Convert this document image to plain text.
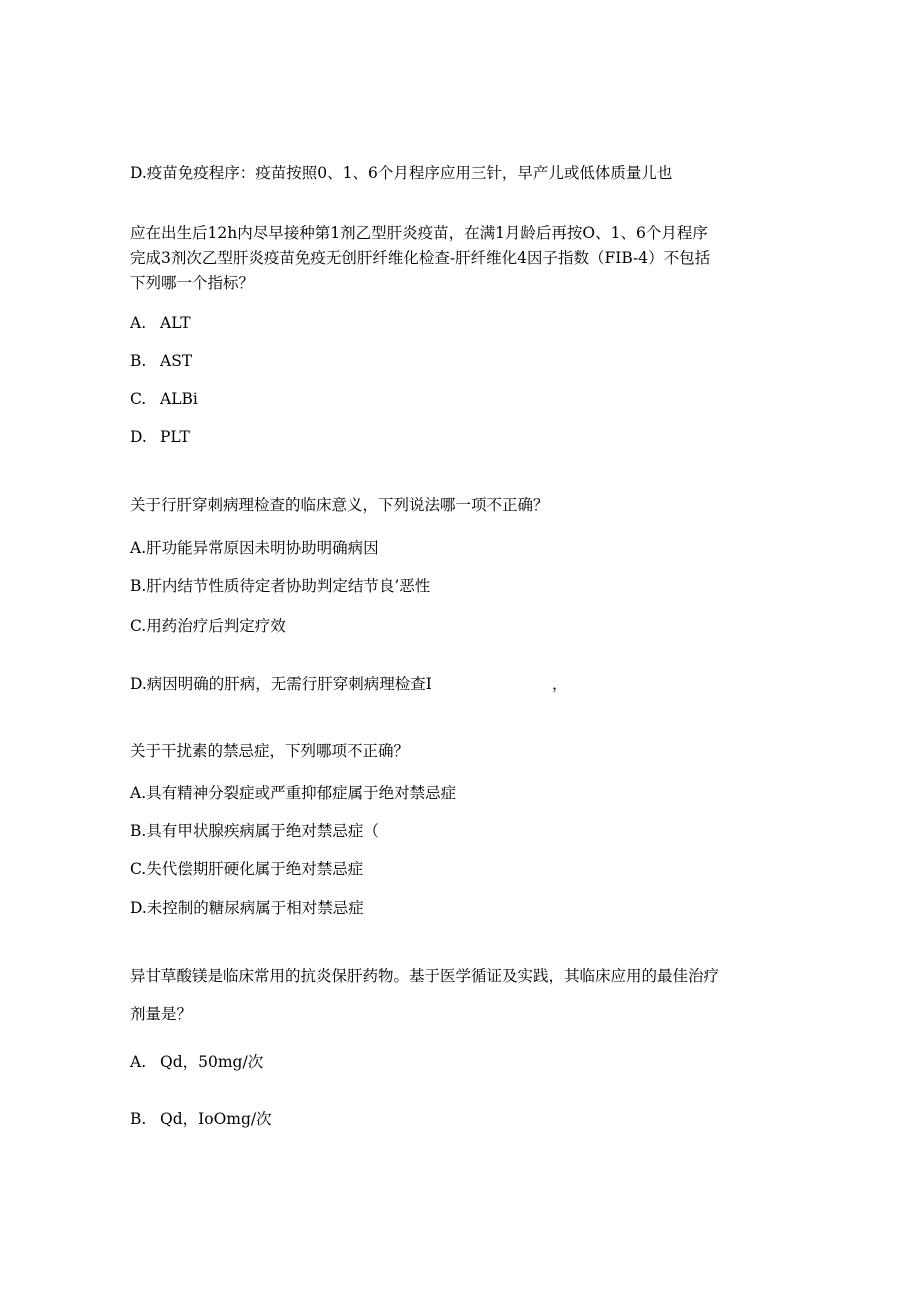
D.疫苗免疫程序：疫苗按照0、1、6个月程序应用三针，早产儿或低体质量儿也
应在出生后12h内尽早接种第1剂乙型肝炎疫苗，在满1月龄后再按O、1、6个月程序
完成3剂次乙型肝炎疫苗免疫无创肝纤维化检查-肝纤维化4因子指数（FIB-4）不包括
下列哪一个指标？
A. ALT
B. AST
C. ALBi
D. PLT
关于行肝穿刺病理检查的临床意义，下列说法哪一项不正确？
A.肝功能异常原因未明协助明确病因
B.肝内结节性质待定者协助判定结节良’恶性
C.用药治疗后判定疗效
D.病因明确的肝病，无需行肝穿刺病理检查I	，
关于干扰素的禁忌症，下列哪项不正确？
A.具有精神分裂症或严重抑郁症属于绝对禁忌症
B.具有甲状腺疾病属于绝对禁忌症（
C.失代偿期肝硬化属于绝对禁忌症
D.未控制的糖尿病属于相对禁忌症
异甘草酸镁是临床常用的抗炎保肝药物。基于医学循证及实践，其临床应用的最佳治疗
剂量是？
A. Qd，50mg/次
B. Qd，IoOmg/次
